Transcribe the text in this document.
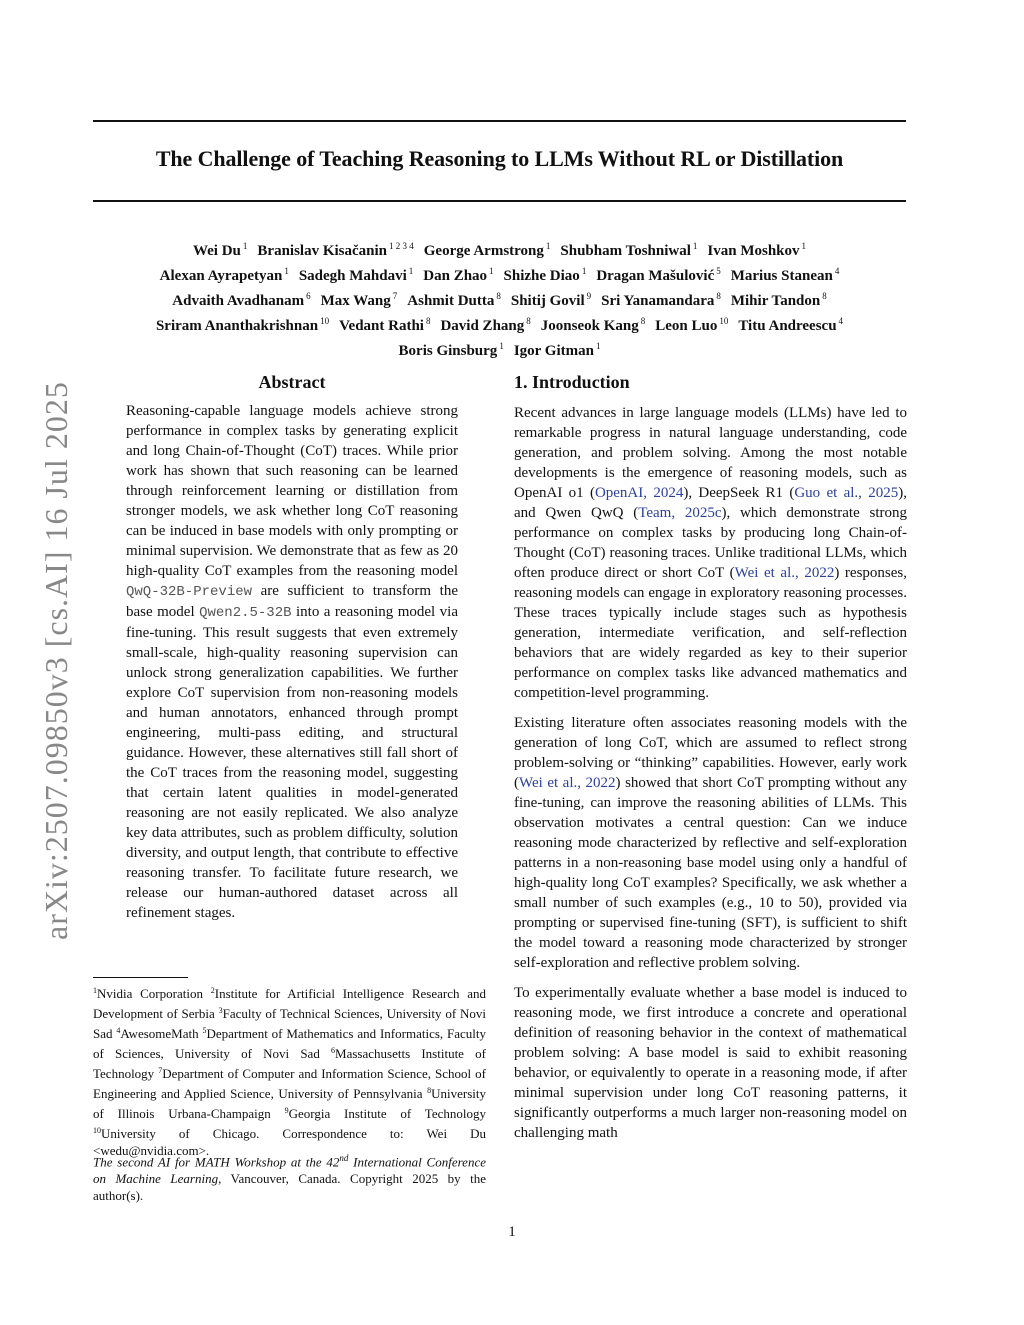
The Challenge of Teaching Reasoning to LLMs Without RL or Distillation
Wei Du $^1$ Branislav Kisačanin $^{1 2 3 4}$ George Armstrong $^1$ Shubham Toshniwal $^1$ Ivan Moshkov $^1$
Alexan Ayrapetyan $^1$ Sadegh Mahdavi $^1$ Dan Zhao $^1$ Shizhe Diao $^1$ Dragan Mašulović $^5$ Marius Stanean $^4$
Advaith Avadhanam $^6$ Max Wang $^7$ Ashmit Dutta $^8$ Shitij Govil $^9$ Sri Yanamandara $^8$ Mihir Tandon $^8$
Sriram Ananthakrishnan $^{10}$ Vedant Rathi $^8$ David Zhang $^8$ Joonseok Kang $^8$ Leon Luo $^{10}$ Titu Andreescu $^4$
Boris Ginsburg $^1$ Igor Gitman $^1$
arXiv:2507.09850v3 [cs.AI] 16 Jul 2025	Abstract
Reasoning-capable language models achieve strong performance in complex tasks by generating explicit and long Chain-of-Thought (CoT) traces. While prior work has shown that such reasoning can be learned through reinforcement learning or distillation from stronger models, we ask whether long CoT reasoning can be induced in base models with only prompting or minimal supervision. We demonstrate that as few as 20 high-quality CoT examples from the reasoning model QwQ-32B-Preview are sufficient to transform the base model Qwen2.5-32B into a reasoning model via fine-tuning. This result suggests that even extremely small-scale, high-quality reasoning supervision can unlock strong generalization capabilities. We further explore CoT supervision from non-reasoning models and human annotators, enhanced through prompt engineering, multi-pass editing, and structural guidance. However, these alternatives still fall short of the CoT traces from the reasoning model, suggesting that certain latent qualities in model-generated reasoning are not easily replicated. We also analyze key data attributes, such as problem difficulty, solution diversity, and output length, that contribute to effective reasoning transfer. To facilitate future research, we release our human-authored dataset across all refinement stages.
$^1$Nvidia Corporation $^2$Institute for Artificial Intelligence Research and Development of Serbia $^3$Faculty of Technical Sciences, University of Novi Sad $^4$AwesomeMath $^5$Department of Mathematics and Informatics, Faculty of Sciences, University of Novi Sad $^6$Massachusetts Institute of Technology $^7$Department of Computer and Information Science, School of Engineering and Applied Science, University of Pennsylvania $^8$University of Illinois Urbana-Champaign $^9$Georgia Institute of Technology $^{10}$University of Chicago. Correspondence to: Wei Du <wedu@nvidia.com>.
The second AI for MATH Workshop at the 42nd International Conference on Machine Learning, Vancouver, Canada. Copyright 2025 by the author(s).
1. Introduction

Recent advances in large language models (LLMs) have led to remarkable progress in natural language understanding, code generation, and problem solving. Among the most notable developments is the emergence of reasoning models, such as OpenAI o1 (OpenAI, 2024), DeepSeek R1 (Guo et al., 2025), and Qwen QwQ (Team, 2025c), which demonstrate strong performance on complex tasks by producing long Chain-of-Thought (CoT) reasoning traces. Unlike traditional LLMs, which often produce direct or short CoT (Wei et al., 2022) responses, reasoning models can engage in exploratory reasoning processes. These traces typically include stages such as hypothesis generation, intermediate verification, and self-reflection behaviors that are widely regarded as key to their superior performance on complex tasks like advanced mathematics and competition-level programming.

Existing literature often associates reasoning models with the generation of long CoT, which are assumed to reflect strong problem-solving or “thinking” capabilities. However, early work (Wei et al., 2022) showed that short CoT prompting without any fine-tuning, can improve the reasoning abilities of LLMs. This observation motivates a central question: Can we induce reasoning mode characterized by reflective and self-exploration patterns in a non-reasoning base model using only a handful of high-quality long CoT examples? Specifically, we ask whether a small number of such examples (e.g., 10 to 50), provided via prompting or supervised fine-tuning (SFT), is sufficient to shift the model toward a reasoning mode characterized by stronger self-exploration and reflective problem solving.

To experimentally evaluate whether a base model is induced to reasoning mode, we first introduce a concrete and operational definition of reasoning behavior in the context of mathematical problem solving: A base model is said to exhibit reasoning behavior, or equivalently to operate in a reasoning mode, if after minimal supervision under long CoT reasoning patterns, it significantly outperforms a much larger non-reasoning model on challenging math

1
